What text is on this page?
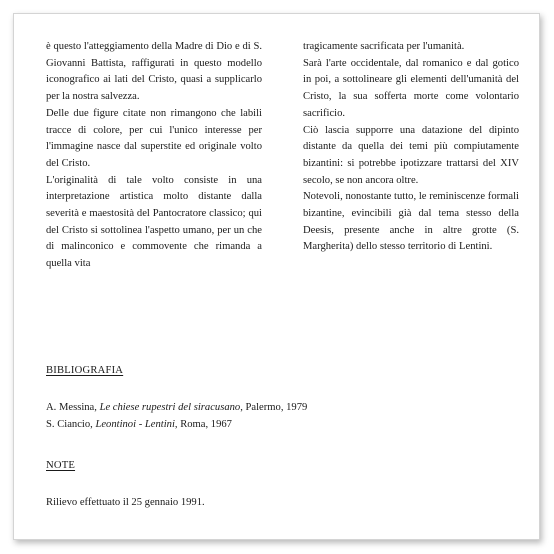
è questo l'atteggiamento della Madre di Dio e di S. Giovanni Battista, raffigurati in questo modello iconografico ai lati del Cristo, quasi a supplicarlo per la nostra salvezza.

Delle due figure citate non rimangono che labili tracce di colore, per cui l'unico interesse per l'immagine nasce dal superstite ed originale volto del Cristo.

L'originalità di tale volto consiste in una interpretazione artistica molto distante dalla severità e maestosità del Pantocratore classico; qui del Cristo si sottolinea l'aspetto umano, per un che di malinconico e commovente che rimanda a quella vita

tragicamente sacrificata per l'umanità.

Sarà l'arte occidentale, dal romanico e dal gotico in poi, a sottolineare gli elementi dell'umanità del Cristo, la sua sofferta morte come volontario sacrificio.

Ciò lascia supporre una datazione del dipinto distante da quella dei temi più compiutamente bizantini: si potrebbe ipotizzare trattarsi del XIV secolo, se non ancora oltre.

Notevoli, nonostante tutto, le reminiscenze formali bizantine, evincibili già dal tema stesso della Deesis, presente anche in altre grotte (S. Margherita) dello stesso territorio di Lentini.

BIBLIOGRAFIA
A. Messina, Le chiese rupestri del siracusano, Palermo, 1979
S. Ciancio, Leontinoi - Lentini, Roma, 1967
NOTE
Rilievo effettuato il 25 gennaio 1991.
